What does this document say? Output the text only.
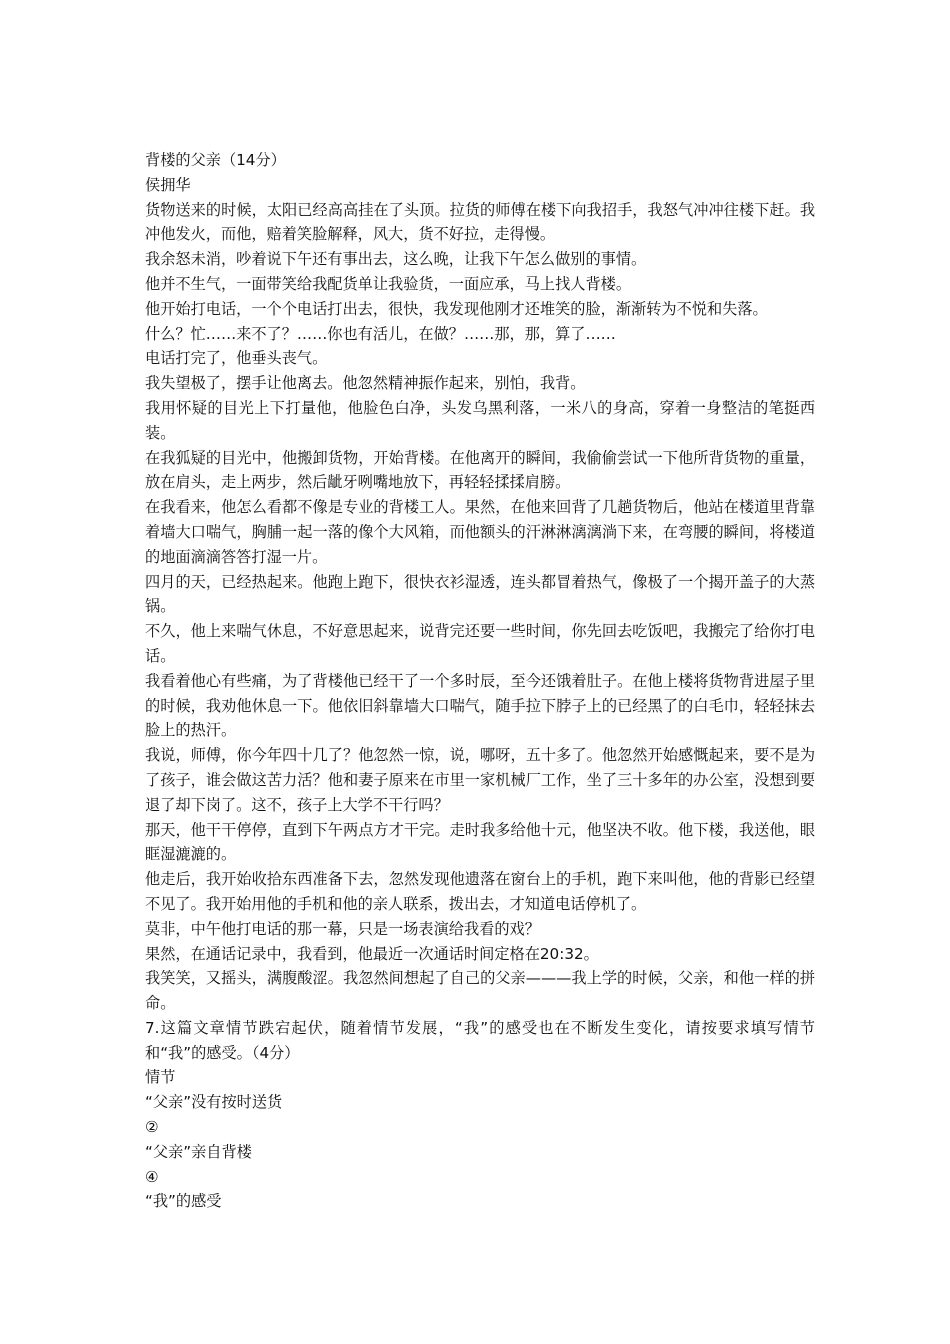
背楼的父亲（14分）

侯拥华

货物送来的时候，太阳已经高高挂在了头顶。拉货的师傅在楼下向我招手，我怒气冲冲往楼下赶。我冲他发火，而他，赔着笑脸解释，风大，货不好拉，走得慢。

我余怒未消，吵着说下午还有事出去，这么晚，让我下午怎么做别的事情。

他并不生气，一面带笑给我配货单让我验货，一面应承，马上找人背楼。

他开始打电话，一个个电话打出去，很快，我发现他刚才还堆笑的脸，渐渐转为不悦和失落。

什么？忙……来不了？……你也有活儿，在做？……那，那，算了……

电话打完了，他垂头丧气。

我失望极了，摆手让他离去。他忽然精神振作起来，别怕，我背。

我用怀疑的目光上下打量他，他脸色白净，头发乌黑利落，一米八的身高，穿着一身整洁的笔挺西装。

在我狐疑的目光中，他搬卸货物，开始背楼。在他离开的瞬间，我偷偷尝试一下他所背货物的重量，放在肩头，走上两步，然后龇牙咧嘴地放下，再轻轻揉揉肩膀。

在我看来，他怎么看都不像是专业的背楼工人。果然，在他来回背了几趟货物后，他站在楼道里背靠着墙大口喘气，胸脯一起一落的像个大风箱，而他额头的汗淋淋漓漓淌下来，在弯腰的瞬间，将楼道的地面滴滴答答打湿一片。

四月的天，已经热起来。他跑上跑下，很快衣衫湿透，连头都冒着热气，像极了一个揭开盖子的大蒸锅。

不久，他上来喘气休息，不好意思起来，说背完还要一些时间，你先回去吃饭吧，我搬完了给你打电话。

我看着他心有些痛，为了背楼他已经干了一个多时辰，至今还饿着肚子。在他上楼将货物背进屋子里的时候，我劝他休息一下。他依旧斜靠墙大口喘气，随手拉下脖子上的已经黑了的白毛巾，轻轻抹去脸上的热汗。

我说，师傅，你今年四十几了？他忽然一惊，说，哪呀，五十多了。他忽然开始感慨起来，要不是为了孩子，谁会做这苦力活？他和妻子原来在市里一家机械厂工作，坐了三十多年的办公室，没想到要退了却下岗了。这不，孩子上大学不干行吗？

那天，他干干停停，直到下午两点方才干完。走时我多给他十元，他坚决不收。他下楼，我送他，眼眶湿漉漉的。

他走后，我开始收拾东西准备下去，忽然发现他遗落在窗台上的手机，跑下来叫他，他的背影已经望不见了。我开始用他的手机和他的亲人联系，拨出去，才知道电话停机了。

莫非，中午他打电话的那一幕，只是一场表演给我看的戏？

果然，在通话记录中，我看到，他最近一次通话时间定格在20:32。

我笑笑，又摇头，满腹酸涩。我忽然间想起了自己的父亲———我上学的时候，父亲，和他一样的拼命。

7.这篇文章情节跌宕起伏，随着情节发展，“我”的感受也在不断发生变化，请按要求填写情节和“我”的感受。（4分）

情节

“父亲”没有按时送货

②

“父亲”亲自背楼

④

“我”的感受
